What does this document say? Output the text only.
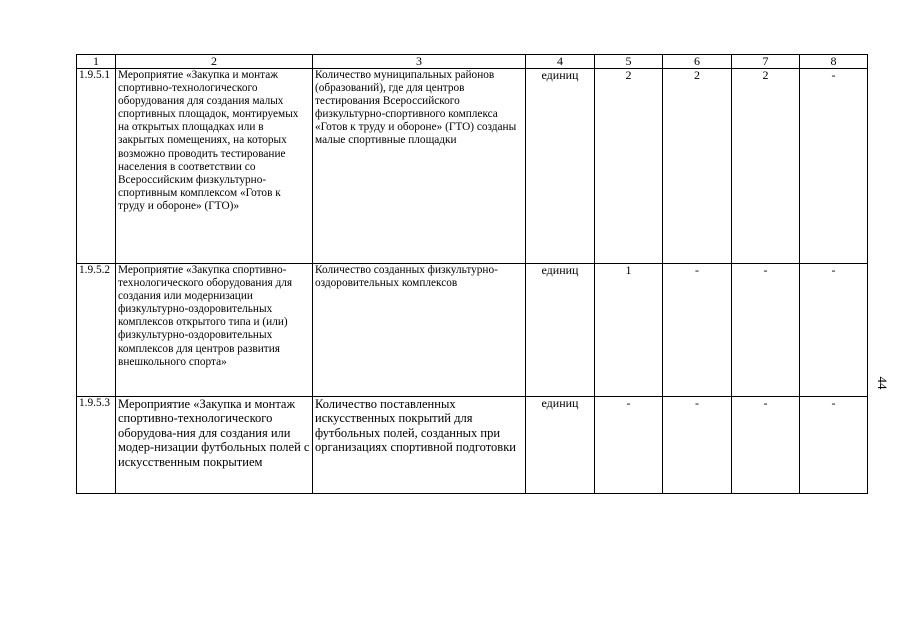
1	2	3	4	5	6	7	8
1.9.5.1	Мероприятие «Закупка и монтаж спортивно-технологического оборудования для создания малых спортивных площадок, монтируемых на открытых площадках или в закрытых помещениях, на которых возможно проводить тестирование населения в соответствии со Всероссийским физкультурно-спортивным комплексом «Готов к труду и обороне» (ГТО)»	Количество муниципальных районов (образований), где для центров тестирования Всероссийского физкультурно-спортивного комплекса «Готов к труду и обороне» (ГТО) созданы малые спортивные площадки	единиц	2	2	2	-
1.9.5.2	Мероприятие «Закупка спортивно-технологического оборудования для создания или модернизации физкультурно-оздоровительных комплексов открытого типа и (или) физкультурно-оздоровительных комплексов для центров развития внешкольного спорта»	Количество созданных физкультурно-оздоровительных комплексов	единиц	1	-	-	-
1.9.5.3	Мероприятие «Закупка и монтаж спортивно-технологического оборудова-ния для создания или модер-низации футбольных полей с искусственным покрытием	Количество поставленных искусственных покрытий для футбольных полей, созданных при организациях спортивной подготовки	единиц	-	-	-	-
44
